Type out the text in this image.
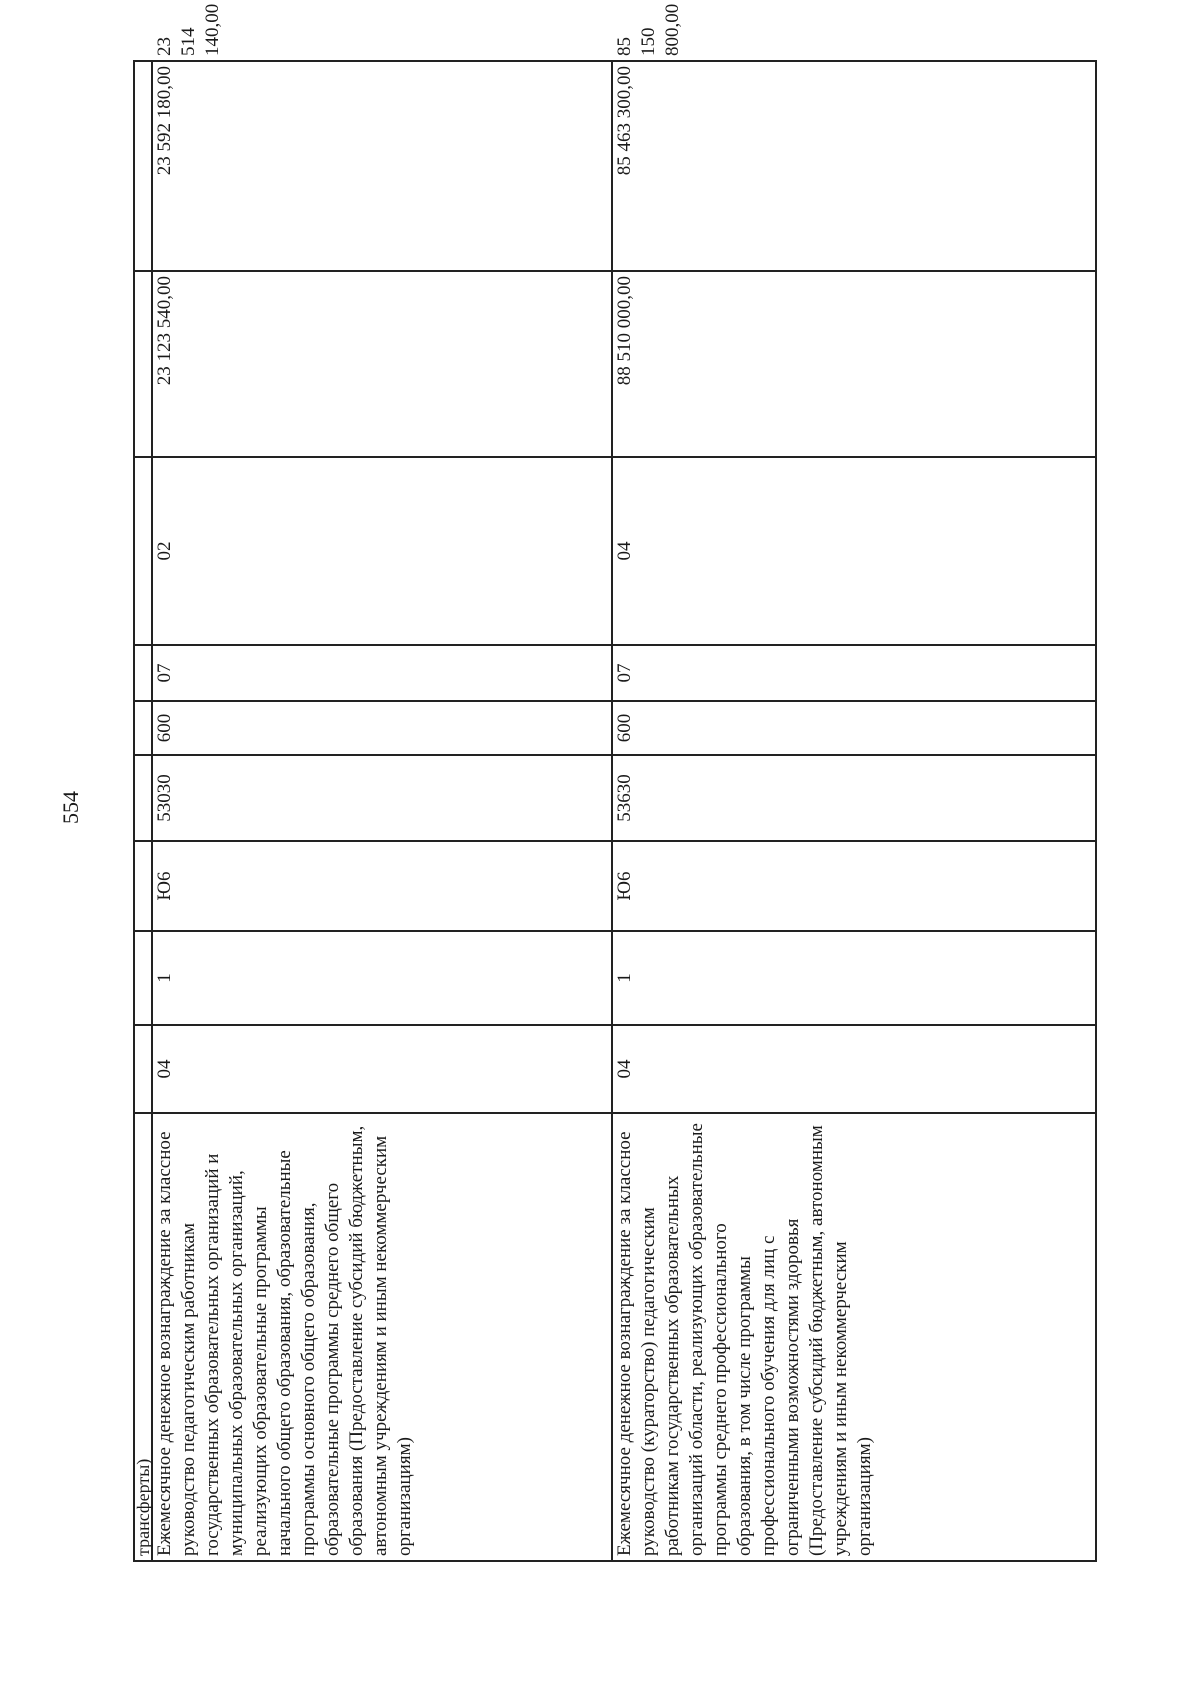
554
трансферты)										
Ежемесячное денежное вознаграждение за классное руководство педагогическим работникам государственных образовательных организаций и муниципальных образовательных организаций, реализующих образовательные программы начального общего образования, образовательные программы основного общего образования, образовательные программы среднего общего образования (Предоставление субсидий бюджетным, автономным учреждениям и иным некоммерческим организациям)	04	1	Ю6	53030	600	07	02	23 123 540,00	23 592 180,00	23 514 140,00
Ежемесячное денежное вознаграждение за классное руководство (кураторство) педагогическим работникам государственных образовательных организаций области, реализующих образовательные программы среднего профессионального образования, в том числе программы профессионального обучения для лиц с ограниченными возможностями здоровья (Предоставление субсидий бюджетным, автономным учреждениям и иным некоммерческим организациям)	04	1	Ю6	53630	600	07	04	88 510 000,00	85 463 300,00	85 150 800,00
